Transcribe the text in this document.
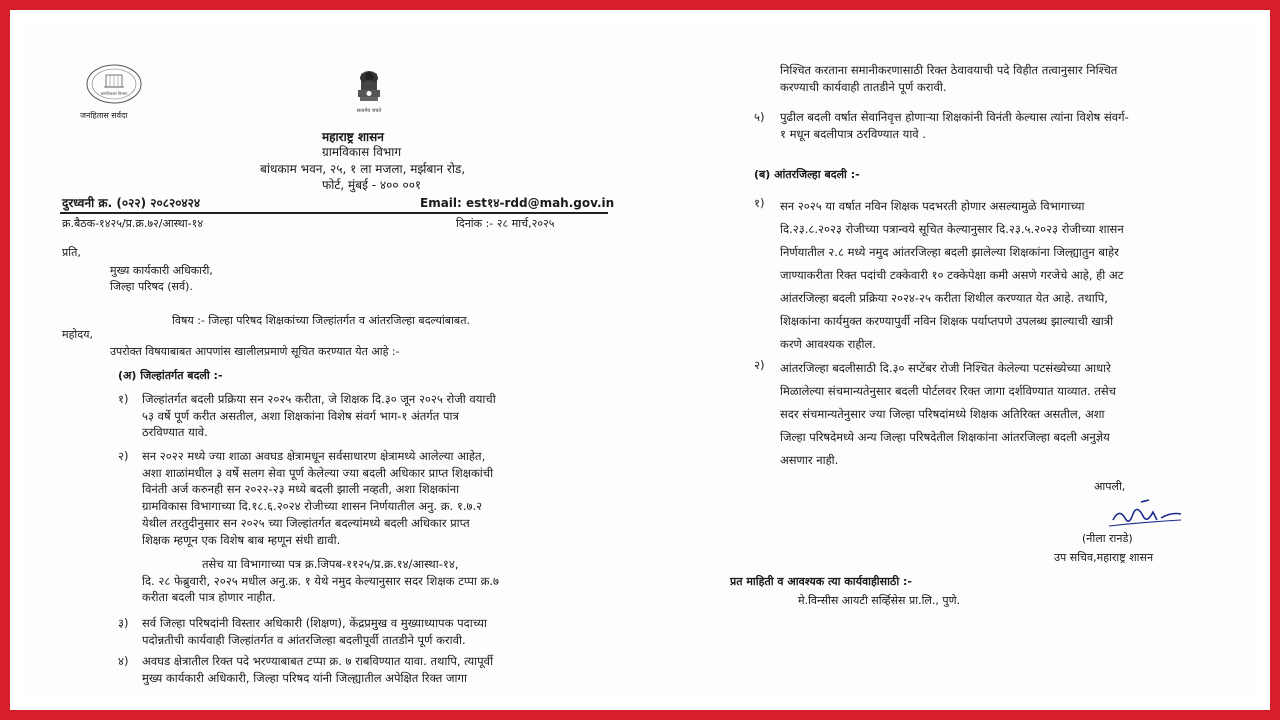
ग्रामविकास विभाग
जनहितास सर्वदा	सत्यमेव जयते
महाराष्ट्र शासन
ग्रामविकास विभाग
बांधकाम भवन, २५, १ ला मजला, मर्झबान रोड,
फोर्ट, मुंबई - ४०० ००१
दुरध्वनी क्र. (०२२) २०८२०४२४	Email: est१४-rdd@mah.gov.in
क्र.बैठक-१४२५/प्र.क्र.७२/आस्था-१४	दिनांक :- २८ मार्च,२०२५
प्रति,
मुख्य कार्यकारी अधिकारी,
जिल्हा परिषद (सर्व).
विषय :- जिल्हा परिषद शिक्षकांच्या जिल्हांतर्गत व आंतरजिल्हा बदल्यांबाबत.
महोदय,
उपरोक्त विषयाबाबत आपणांस खालीलप्रमाणे सूचित करण्यात येत आहे :-
(अ) जिल्हांतर्गत बदली :-
१) जिल्हांतर्गत बदली प्रक्रिया सन २०२५ करीता, जे शिक्षक दि.३० जून २०२५ रोजी वयाची
५३ वर्षे पूर्ण करीत असतील, अशा शिक्षकांना विशेष संवर्ग भाग-१ अंतर्गत पात्र
ठरविण्यात यावे.
२) सन २०२२ मध्ये ज्या शाळा अवघड क्षेत्रामधून सर्वसाधारण क्षेत्रामध्ये आलेल्या आहेत,
अशा शाळांमधील ३ वर्षे सलग सेवा पूर्ण केलेल्या ज्या बदली अधिकार प्राप्त शिक्षकांची
विनंती अर्ज करुनही सन २०२२-२३ मध्ये बदली झाली नव्हती, अशा शिक्षकांना
ग्रामविकास विभागाच्या दि.१८.६.२०२४ रोजीच्या शासन निर्णयातील अनु. क्र. १.७.२
येथील तरतुदीनुसार सन २०२५ च्या जिल्हांतर्गत बदल्यांमध्ये बदली अधिकार प्राप्त
शिक्षक म्हणून एक विशेष बाब म्हणून संधी द्यावी.
तसेच या विभागाच्या पत्र क्र.जिपब-११२५/प्र.क्र.१४/आस्था-१४,
दि. २८ फेब्रुवारी, २०२५ मधील अनु.क्र. १ येथे नमुद केल्यानुसार सदर शिक्षक टप्पा क्र.७
करीता बदली पात्र होणार नाहीत.
३) सर्व जिल्हा परिषदांनी विस्तार अधिकारी (शिक्षण), केंद्रप्रमुख व मुख्याध्यापक पदाच्या
पदोन्नतीची कार्यवाही जिल्हांतर्गत व आंतरजिल्हा बदलीपूर्वी तातडीने पूर्ण करावी.
४) अवघड क्षेत्रातील रिक्त पदे भरण्याबाबत टप्पा क्र. ७ राबविण्यात यावा. तथापि, त्यापूर्वी
मुख्य कार्यकारी अधिकारी, जिल्हा परिषद यांनी जिल्ह्यातील अपेक्षित रिक्त जागा
निश्चित करताना समानीकरणासाठी रिक्त ठेवावयाची पदे विहीत तत्वानुसार निश्चित
करण्याची कार्यवाही तातडीने पूर्ण करावी.
५) पुढील बदली वर्षात सेवानिवृत्त होणाऱ्या शिक्षकांनी विनंती केल्यास त्यांना विशेष संवर्ग-
१ मधून बदलीपात्र ठरविण्यात यावे .
(ब) आंतरजिल्हा बदली :-
१) सन २०२५ या वर्षात नविन शिक्षक पदभरती होणार असल्यामुळे विभागाच्या
दि.२३.८.२०२३ रोजीच्या पत्रान्वये सूचित केल्यानुसार दि.२३.५.२०२३ रोजीच्या शासन
निर्णयातील २.८ मध्ये नमुद आंतरजिल्हा बदली झालेल्या शिक्षकांना जिल्ह्यातुन बाहेर
जाण्याकरीता रिक्त पदांची टक्केवारी १० टक्केपेक्षा कमी असणे गरजेचे आहे, ही अट
आंतरजिल्हा बदली प्रक्रिया २०२४-२५ करीता शिथील करण्यात येत आहे. तथापि,
शिक्षकांना कार्यमुक्त करण्यापुर्वी नविन शिक्षक पर्याप्तपणे उपलब्ध झाल्याची खात्री
करणे आवश्यक राहील.
२) आंतरजिल्हा बदलीसाठी दि.३० सप्टेंबर रोजी निश्चित केलेल्या पटसंख्येच्या आधारे
मिळालेल्या संचमान्यतेनुसार बदली पोर्टलवर रिक्त जागा दर्शविण्यात याव्यात. तसेच
सदर संचमान्यतेनुसार ज्या जिल्हा परिषदांमध्ये शिक्षक अतिरिक्त असतील, अशा
जिल्हा परिषदेमध्ये अन्य जिल्हा परिषदेतील शिक्षकांना आंतरजिल्हा बदली अनुज्ञेय
असणार नाही.
आपली,
(नीला रानडे)
उप सचिव,महाराष्ट्र शासन
प्रत माहिती व आवश्यक त्या कार्यवाहीसाठी :-
मे.विन्सीस आयटी सर्व्हिसेस प्रा.लि., पुणे.
